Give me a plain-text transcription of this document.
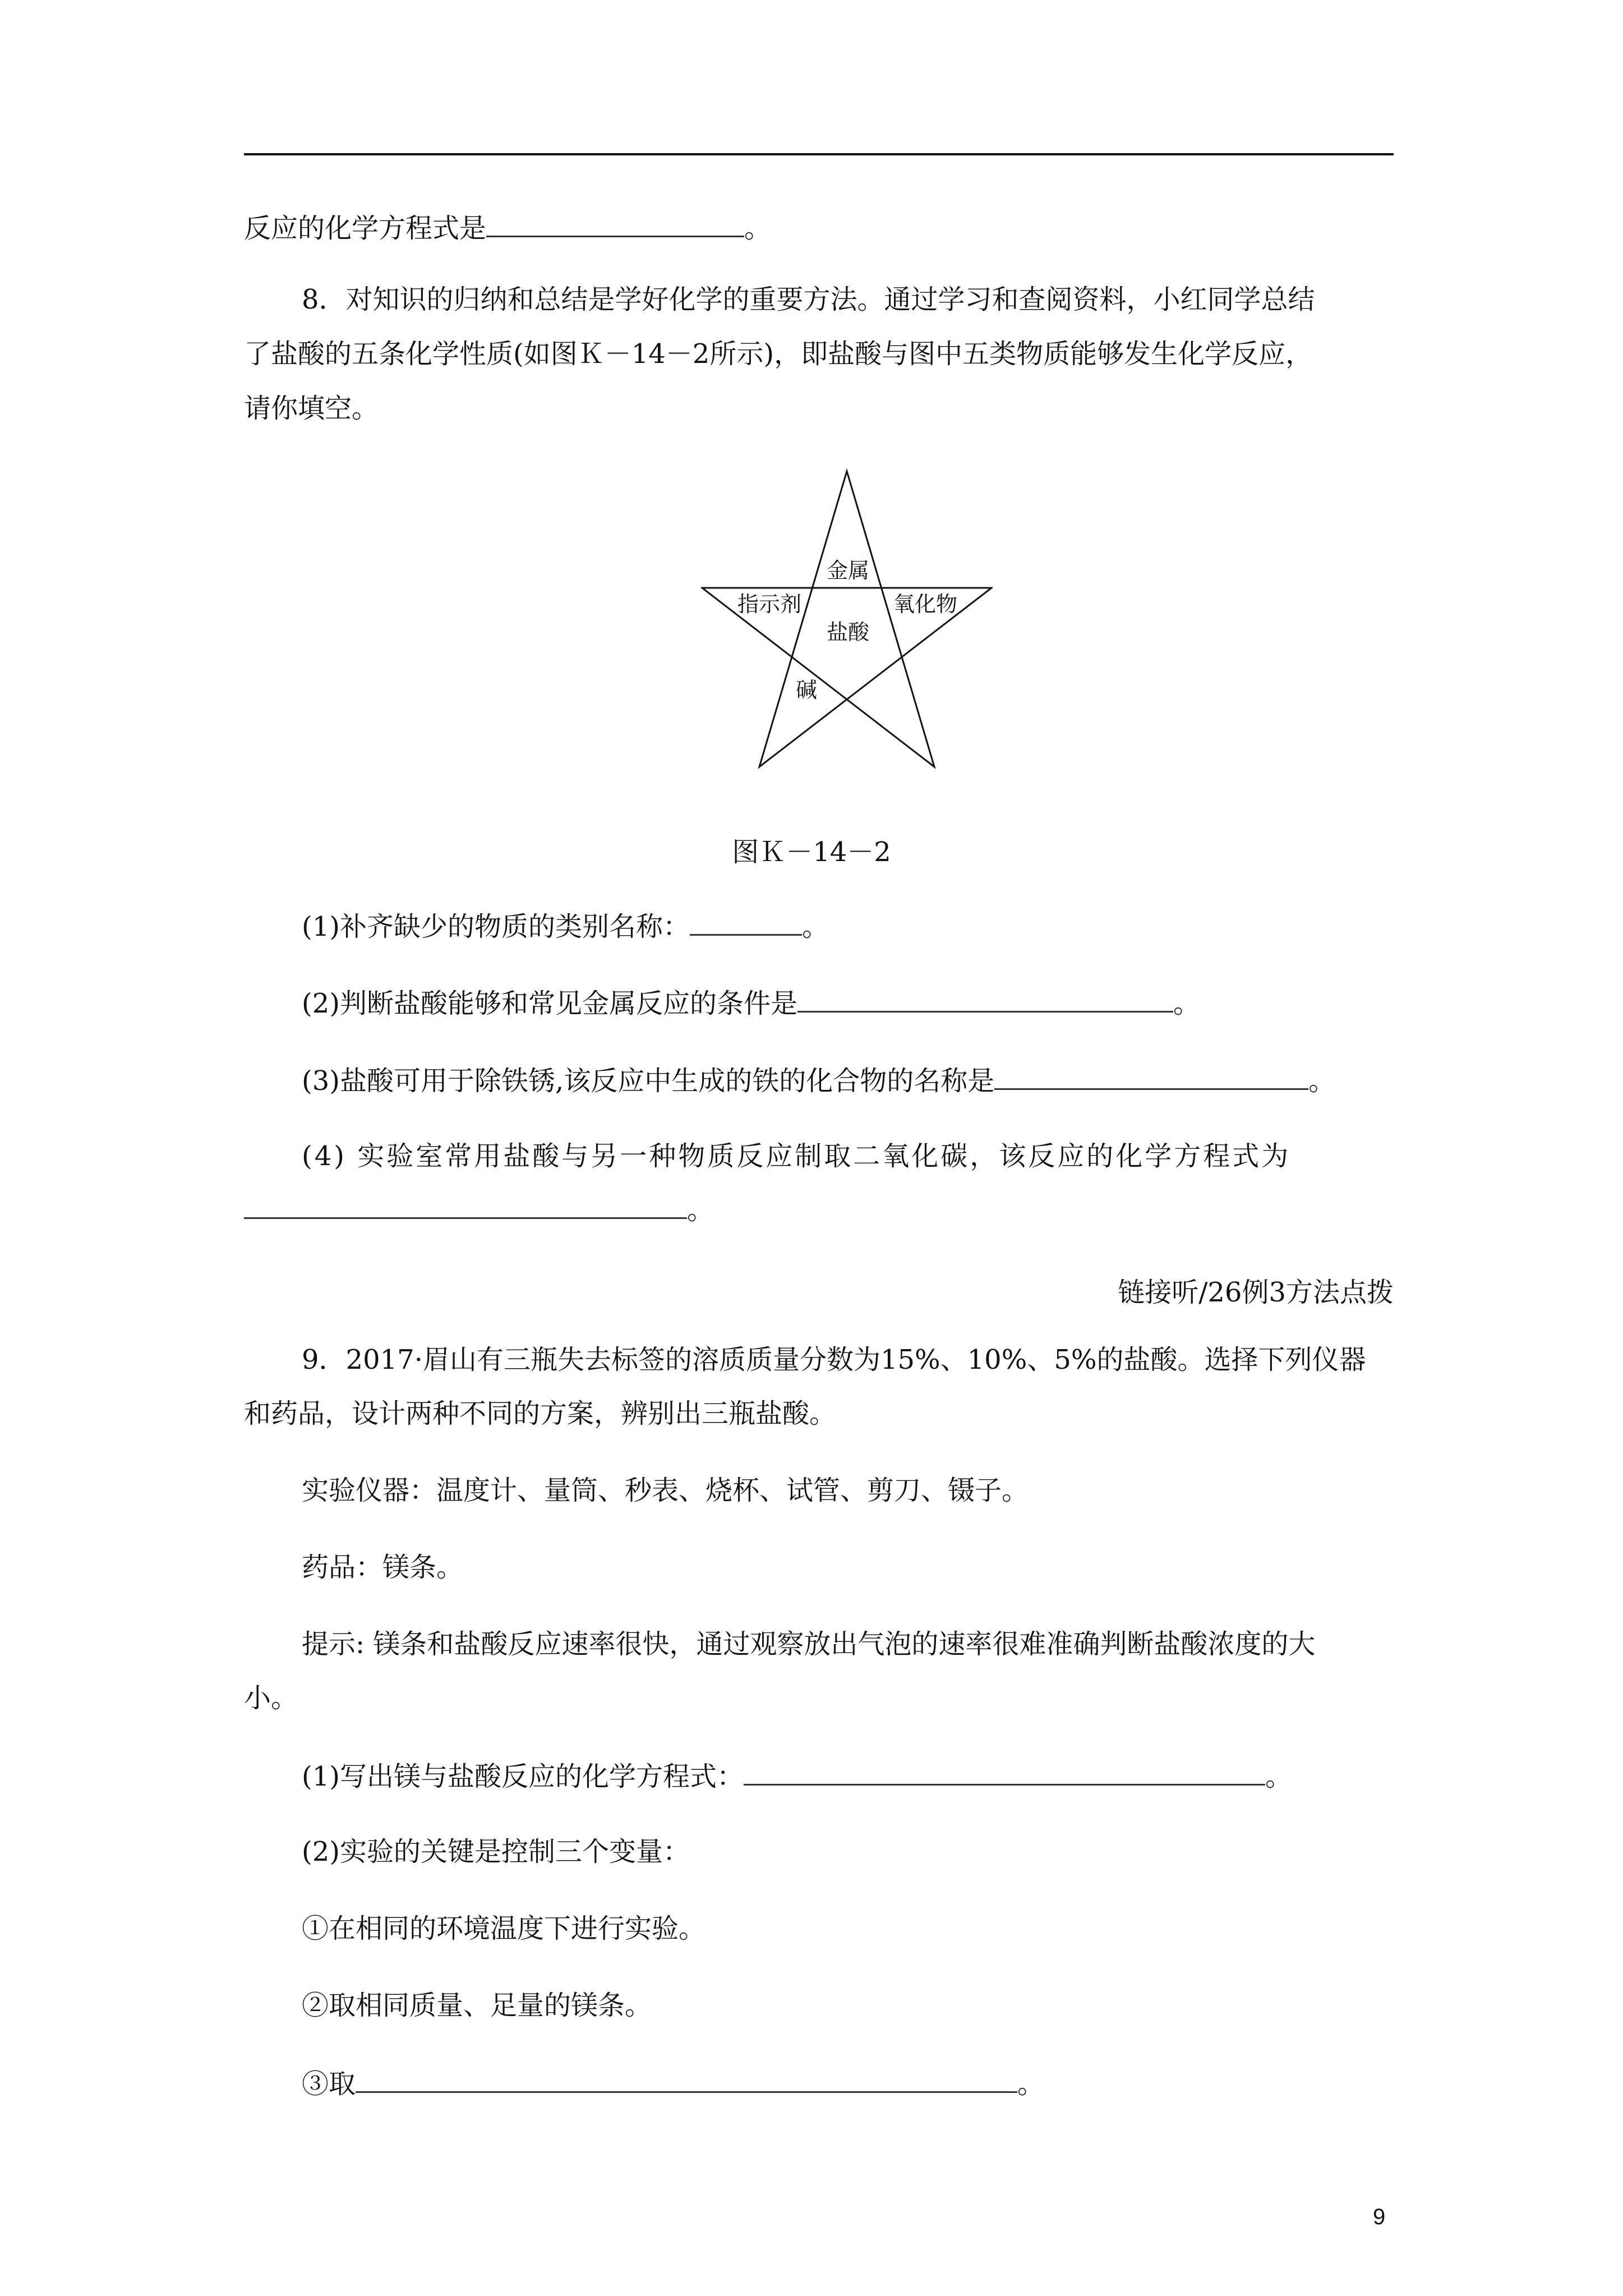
反应的化学方程式是	。
8．对知识的归纳和总结是学好化学的重要方法。通过学习和查阅资料，小红同学总结
了盐酸的五条化学性质(如图Ｋ－14－2所示)，即盐酸与图中五类物质能够发生化学反应，
请你填空。
金属
指示剂	氧化物
盐酸
碱
图Ｋ－14－2
(1)补齐缺少的物质的类别名称：	。
(2)判断盐酸能够和常见金属反应的条件是	。
(3)盐酸可用于除铁锈,该反应中生成的铁的化合物的名称是	。
(4) 实验室常用盐酸与另一种物质反应制取二氧化碳，该反应的化学方程式为
。
链接听/26例3方法点拨
9．2017·眉山有三瓶失去标签的溶质质量分数为15%、10%、5%的盐酸。选择下列仪器
和药品，设计两种不同的方案，辨别出三瓶盐酸。
实验仪器：温度计、量筒、秒表、烧杯、试管、剪刀、镊子。
药品：镁条。
提示: 镁条和盐酸反应速率很快，通过观察放出气泡的速率很难准确判断盐酸浓度的大
小。
(1)写出镁与盐酸反应的化学方程式：	。
(2)实验的关键是控制三个变量：
①在相同的环境温度下进行实验。
②取相同质量、足量的镁条。
③取	。
9
